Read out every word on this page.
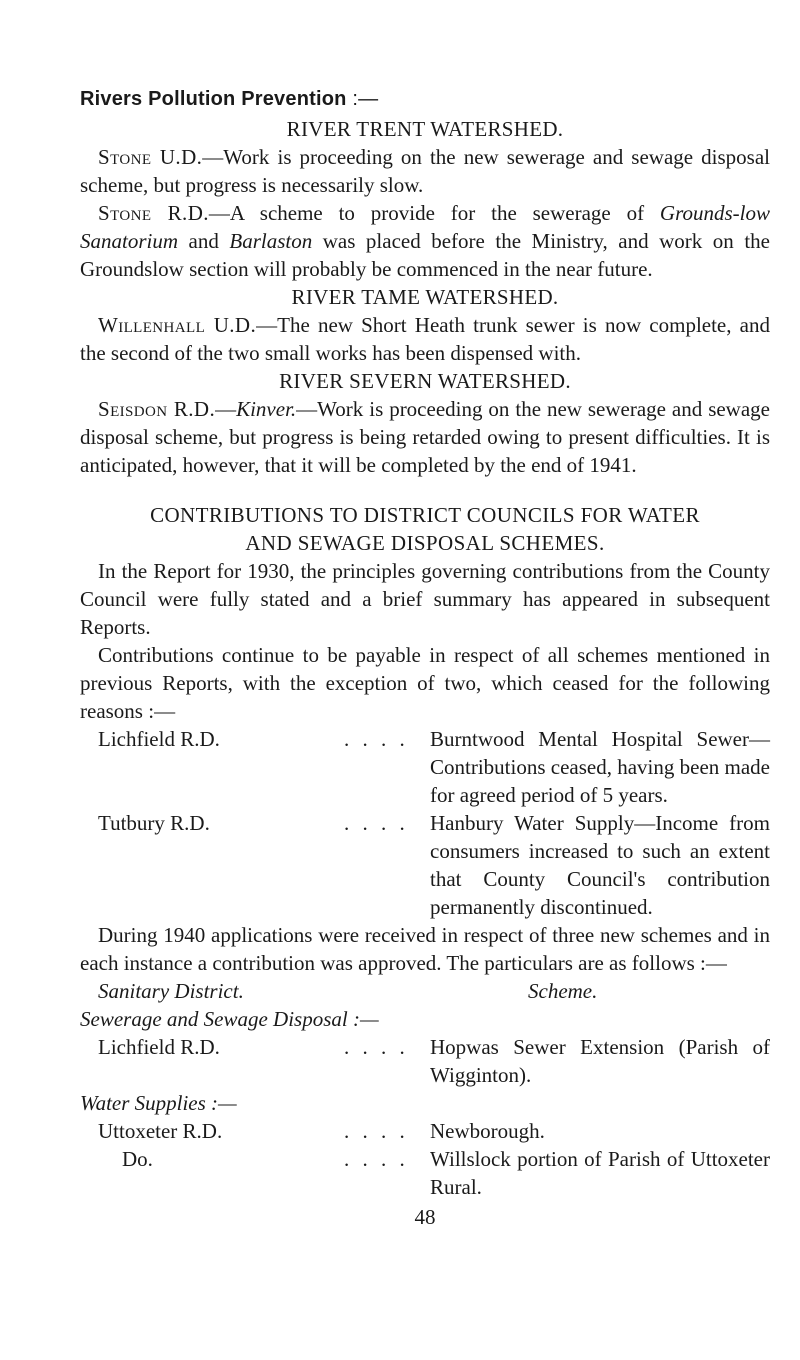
Rivers Pollution Prevention :—
RIVER TRENT WATERSHED.

Stone U.D.—Work is proceeding on the new sewerage and sewage disposal scheme, but progress is necessarily slow.

Stone R.D.—A scheme to provide for the sewerage of Grounds-low Sanatorium and Barlaston was placed before the Ministry, and work on the Groundslow section will probably be commenced in the near future.

RIVER TAME WATERSHED.

Willenhall U.D.—The new Short Heath trunk sewer is now complete, and the second of the two small works has been dispensed with.

RIVER SEVERN WATERSHED.

Seisdon R.D.—Kinver.—Work is proceeding on the new sewerage and sewage disposal scheme, but progress is being retarded owing to present difficulties. It is anticipated, however, that it will be completed by the end of 1941.

CONTRIBUTIONS TO DISTRICT COUNCILS FOR WATER
AND SEWAGE DISPOSAL SCHEMES.

In the Report for 1930, the principles governing contributions from the County Council were fully stated and a brief summary has appeared in subsequent Reports.

Contributions continue to be payable in respect of all schemes mentioned in previous Reports, with the exception of two, which ceased for the following reasons :—

Lichfield R.D.	. . . .	Burntwood Mental Hospital Sewer—Contributions ceased, having been made for agreed period of 5 years.
Tutbury R.D.	. . . .	Hanbury Water Supply—Income from consumers increased to such an extent that County Council's contribution permanently discontinued.

During 1940 applications were received in respect of three new schemes and in each instance a contribution was approved. The particulars are as follows :—

Sanitary District.	Scheme.
Sewerage and Sewage Disposal :—
Lichfield R.D.	. . . .	Hopwas Sewer Extension (Parish of Wigginton).
Water Supplies :—
Uttoxeter R.D.	. . . .	Newborough.
Do.	. . . .	Willslock portion of Parish of Uttoxeter Rural.
48
